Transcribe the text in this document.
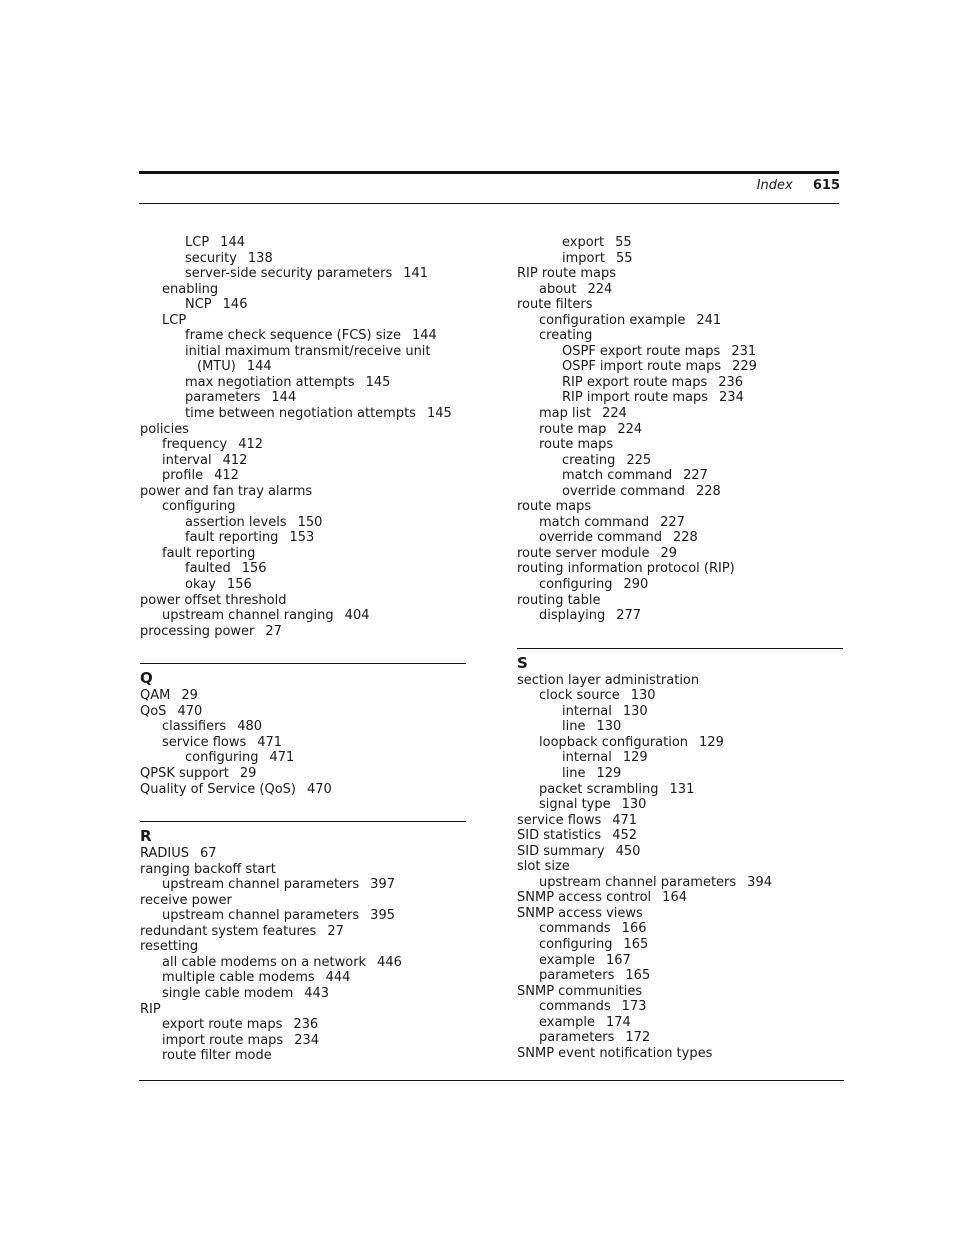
Index 615
LCP 144
security 138
server-side security parameters 141
enabling
NCP 146
LCP
frame check sequence (FCS) size 144
initial maximum transmit/receive unit
(MTU) 144
max negotiation attempts 145
parameters 144
time between negotiation attempts 145
policies
frequency 412
interval 412
profile 412
power and fan tray alarms
configuring
assertion levels 150
fault reporting 153
fault reporting
faulted 156
okay 156
power offset threshold
upstream channel ranging 404
processing power 27
Q
QAM 29
QoS 470
classifiers 480
service flows 471
configuring 471
QPSK support 29
Quality of Service (QoS) 470
R
RADIUS 67
ranging backoff start
upstream channel parameters 397
receive power
upstream channel parameters 395
redundant system features 27
resetting
all cable modems on a network 446
multiple cable modems 444
single cable modem 443
RIP
export route maps 236
import route maps 234
route filter mode
export 55
import 55
RIP route maps
about 224
route filters
configuration example 241
creating
OSPF export route maps 231
OSPF import route maps 229
RIP export route maps 236
RIP import route maps 234
map list 224
route map 224
route maps
creating 225
match command 227
override command 228
route maps
match command 227
override command 228
route server module 29
routing information protocol (RIP)
configuring 290
routing table
displaying 277
S
section layer administration
clock source 130
internal 130
line 130
loopback configuration 129
internal 129
line 129
packet scrambling 131
signal type 130
service flows 471
SID statistics 452
SID summary 450
slot size
upstream channel parameters 394
SNMP access control 164
SNMP access views
commands 166
configuring 165
example 167
parameters 165
SNMP communities
commands 173
example 174
parameters 172
SNMP event notification types
